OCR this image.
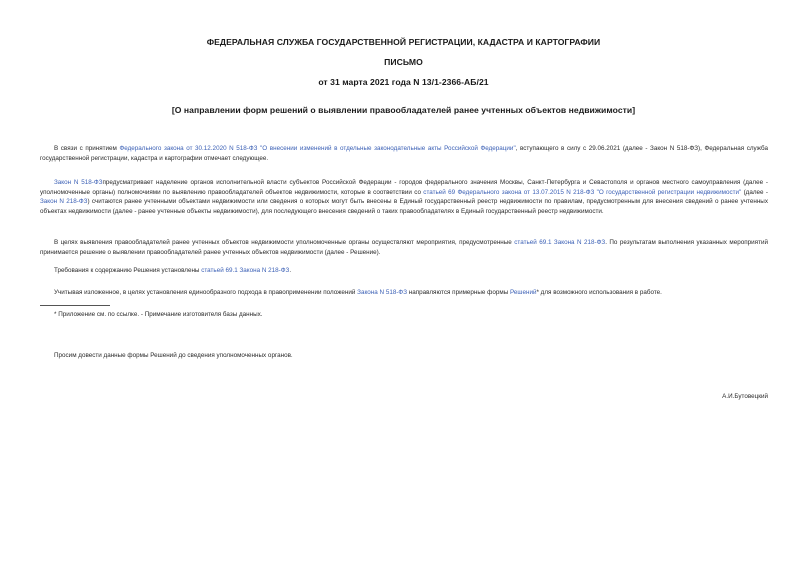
ФЕДЕРАЛЬНАЯ СЛУЖБА ГОСУДАРСТВЕННОЙ РЕГИСТРАЦИИ, КАДАСТРА И КАРТОГРАФИИ
ПИСЬМО
от 31 марта 2021 года N 13/1-2366-АБ/21
[О направлении форм решений о выявлении правообладателей ранее учтенных объектов недвижимости]
В связи с принятием Федерального закона от 30.12.2020 N 518-ФЗ "О внесении изменений в отдельные законодательные акты Российской Федерации", вступающего в силу с 29.06.2021 (далее - Закон N 518-ФЗ), Федеральная служба государственной регистрации, кадастра и картографии отмечает следующее.
Закон N 518-ФЗпредусматривает наделение органов исполнительной власти субъектов Российской Федерации - городов федерального значения Москвы, Санкт-Петербурга и Севастополя и органов местного самоуправления (далее - уполномоченные органы) полномочиями по выявлению правообладателей объектов недвижимости, которые в соответствии со статьей 69 Федерального закона от 13.07.2015 N 218-ФЗ "О государственной регистрации недвижимости" (далее - Закон N 218-ФЗ) считаются ранее учтенными объектами недвижимости или сведения о которых могут быть внесены в Единый государственный реестр недвижимости по правилам, предусмотренным для внесения сведений о ранее учтенных объектах недвижимости (далее - ранее учтенные объекты недвижимости), для последующего внесения сведений о таких правообладателях в Единый государственный реестр недвижимости.
В целях выявления правообладателей ранее учтенных объектов недвижимости уполномоченные органы осуществляют мероприятия, предусмотренные статьей 69.1 Закона N 218-ФЗ. По результатам выполнения указанных мероприятий принимается решение о выявлении правообладателей ранее учтенных объектов недвижимости (далее - Решение).
Требования к содержанию Решения установлены статьей 69.1 Закона N 218-ФЗ.
Учитывая изложенное, в целях установления единообразного подхода в правоприменении положений Закона N 518-ФЗ направляются примерные формы Решений* для возможного использования в работе.
* Приложение см. по ссылке. - Примечание изготовителя базы данных.
Просим довести данные формы Решений до сведения уполномоченных органов.
А.И.Бутовецкий
